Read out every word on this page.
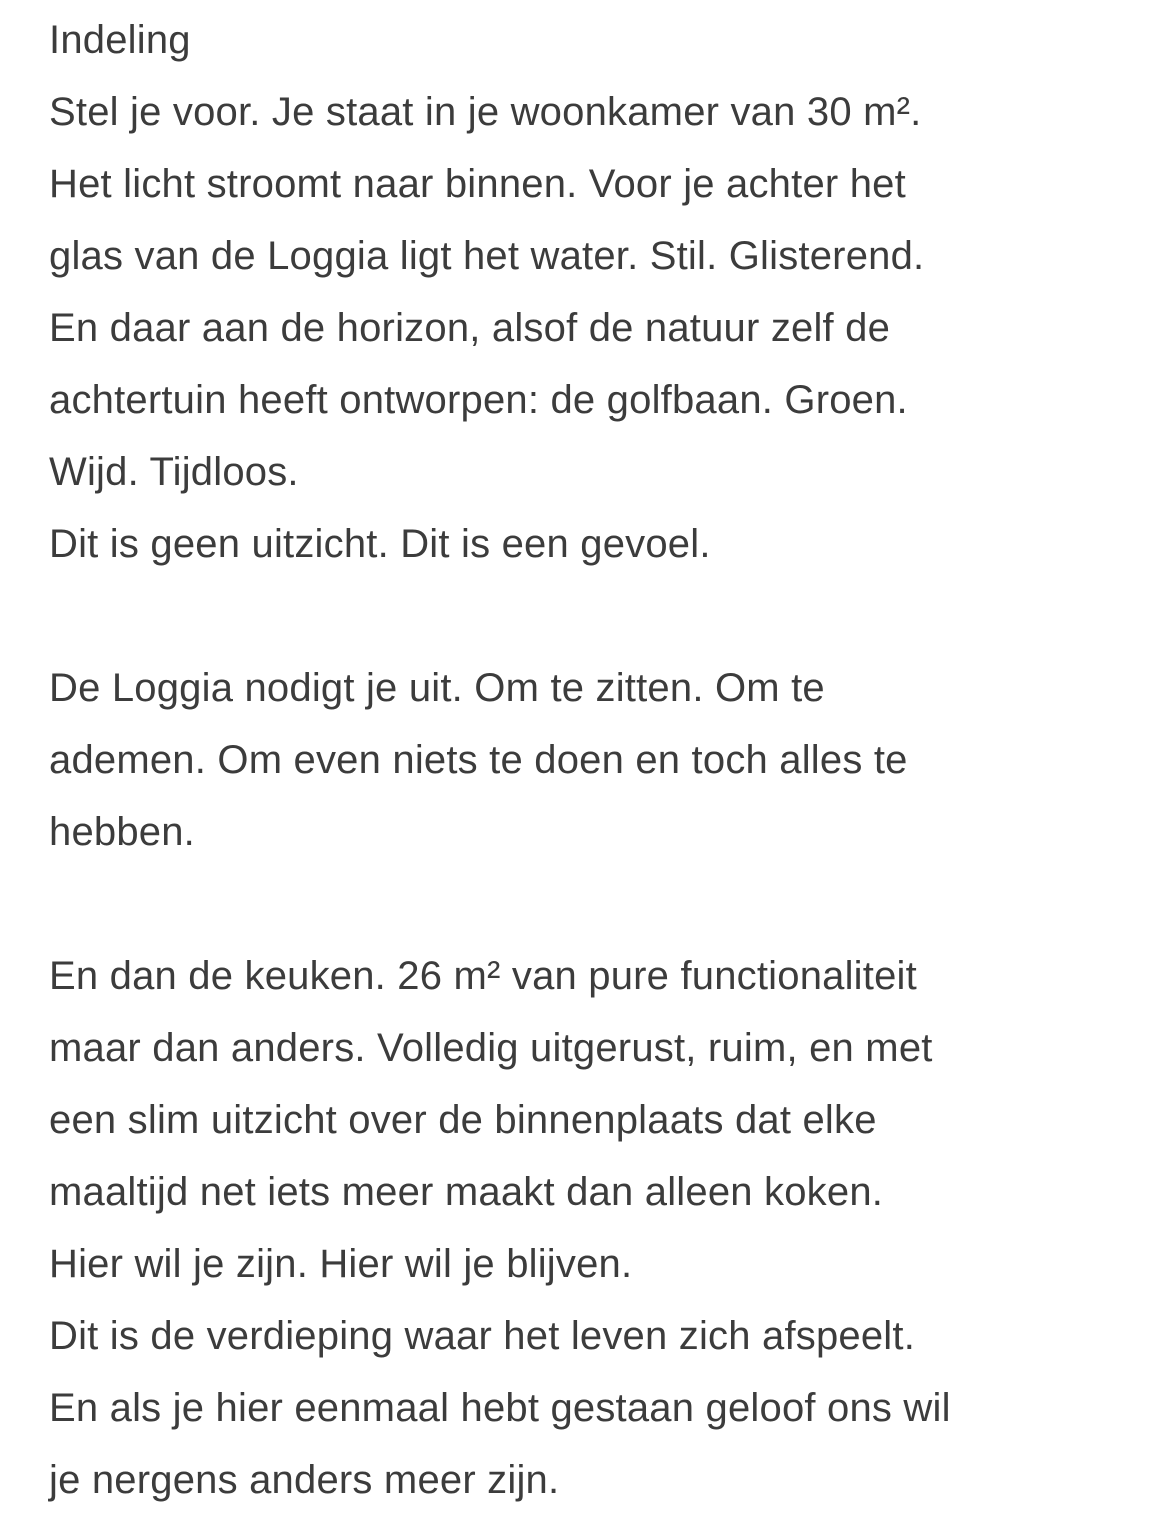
Indeling
Stel je voor. Je staat in je woonkamer van 30 m².
Het licht stroomt naar binnen. Voor je achter het
glas van de Loggia ligt het water. Stil. Glisterend.
En daar aan de horizon, alsof de natuur zelf de
achtertuin heeft ontworpen: de golfbaan. Groen.
Wijd. Tijdloos.
Dit is geen uitzicht. Dit is een gevoel.
De Loggia nodigt je uit. Om te zitten. Om te
ademen. Om even niets te doen en toch alles te
hebben.
En dan de keuken. 26 m² van pure functionaliteit
maar dan anders. Volledig uitgerust, ruim, en met
een slim uitzicht over de binnenplaats dat elke
maaltijd net iets meer maakt dan alleen koken.
Hier wil je zijn. Hier wil je blijven.
Dit is de verdieping waar het leven zich afspeelt.
En als je hier eenmaal hebt gestaan geloof ons wil
je nergens anders meer zijn.
